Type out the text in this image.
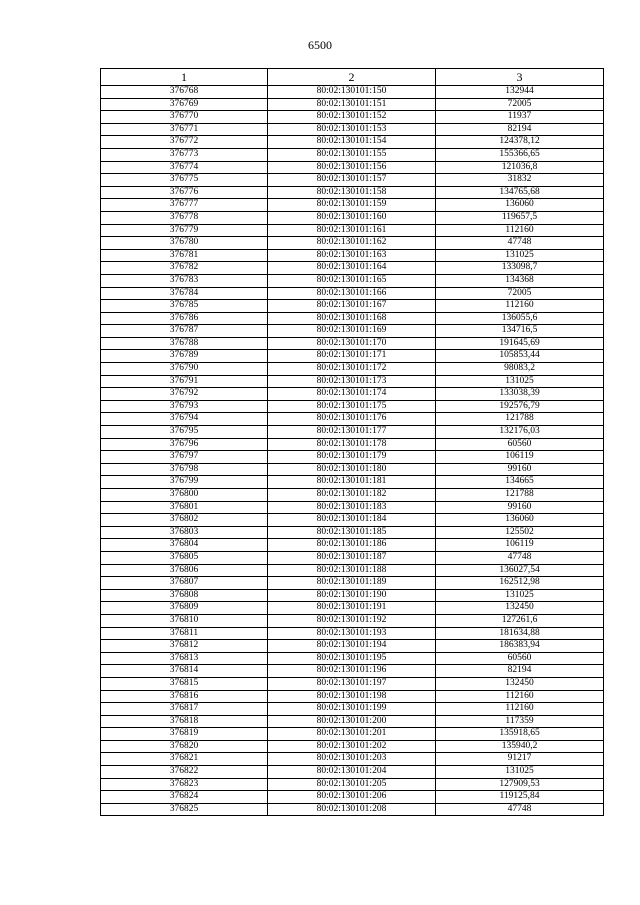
6500
1	2	3
376768	80:02:130101:150	132944
376769	80:02:130101:151	72005
376770	80:02:130101:152	11937
376771	80:02:130101:153	82194
376772	80:02:130101:154	124378,12
376773	80:02:130101:155	155366,65
376774	80:02:130101:156	121036,8
376775	80:02:130101:157	31832
376776	80:02:130101:158	134765,68
376777	80:02:130101:159	136060
376778	80:02:130101:160	119657,5
376779	80:02:130101:161	112160
376780	80:02:130101:162	47748
376781	80:02:130101:163	131025
376782	80:02:130101:164	133098,7
376783	80:02:130101:165	134368
376784	80:02:130101:166	72005
376785	80:02:130101:167	112160
376786	80:02:130101:168	136055,6
376787	80:02:130101:169	134716,5
376788	80:02:130101:170	191645,69
376789	80:02:130101:171	105853,44
376790	80:02:130101:172	98083,2
376791	80:02:130101:173	131025
376792	80:02:130101:174	133038,39
376793	80:02:130101:175	192576,79
376794	80:02:130101:176	121788
376795	80:02:130101:177	132176,03
376796	80:02:130101:178	60560
376797	80:02:130101:179	106119
376798	80:02:130101:180	99160
376799	80:02:130101:181	134665
376800	80:02:130101:182	121788
376801	80:02:130101:183	99160
376802	80:02:130101:184	136060
376803	80:02:130101:185	125502
376804	80:02:130101:186	106119
376805	80:02:130101:187	47748
376806	80:02:130101:188	136027,54
376807	80:02:130101:189	162512,98
376808	80:02:130101:190	131025
376809	80:02:130101:191	132450
376810	80:02:130101:192	127261,6
376811	80:02:130101:193	181634,88
376812	80:02:130101:194	186383,94
376813	80:02:130101:195	60560
376814	80:02:130101:196	82194
376815	80:02:130101:197	132450
376816	80:02:130101:198	112160
376817	80:02:130101:199	112160
376818	80:02:130101:200	117359
376819	80:02:130101:201	135918,65
376820	80:02:130101:202	135940,2
376821	80:02:130101:203	91217
376822	80:02:130101:204	131025
376823	80:02:130101:205	127909,53
376824	80:02:130101:206	119125,84
376825	80:02:130101:208	47748
